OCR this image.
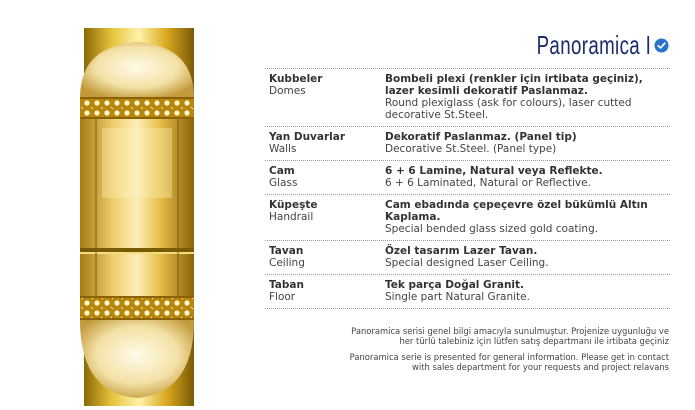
Panoramica I
Kubbeler
Domes
Bombeli plexi (renkler için irtibata geçiniz), lazer kesimli dekoratif Paslanmaz.
Round plexiglass (ask for colours), laser cutted decorative St.Steel.
Yan Duvarlar
Walls
Dekoratif Paslanmaz. (Panel tip)
Decorative St.Steel. (Panel type)
Cam
Glass
6 + 6 Lamine, Natural veya Reflekte.
6 + 6 Laminated, Natural or Reflective.
Küpeşte
Handrail
Cam ebadında çepeçevre özel bükümlü Altın Kaplama.
Special bended glass sized gold coating.
Tavan
Ceiling
Özel tasarım Lazer Tavan.
Special designed Laser Ceiling.
Taban
Floor
Tek parça Doğal Granit.
Single part Natural Granite.

Panoramica serisi genel bilgi amacıyla sunulmuştur. Projenize uygunluğu ve her türlü talebiniz için lütfen satış departmanı ile irtibata geçiniz

Panoramica serie is presented for general information. Please get in contact with sales department for your requests and project relavans
